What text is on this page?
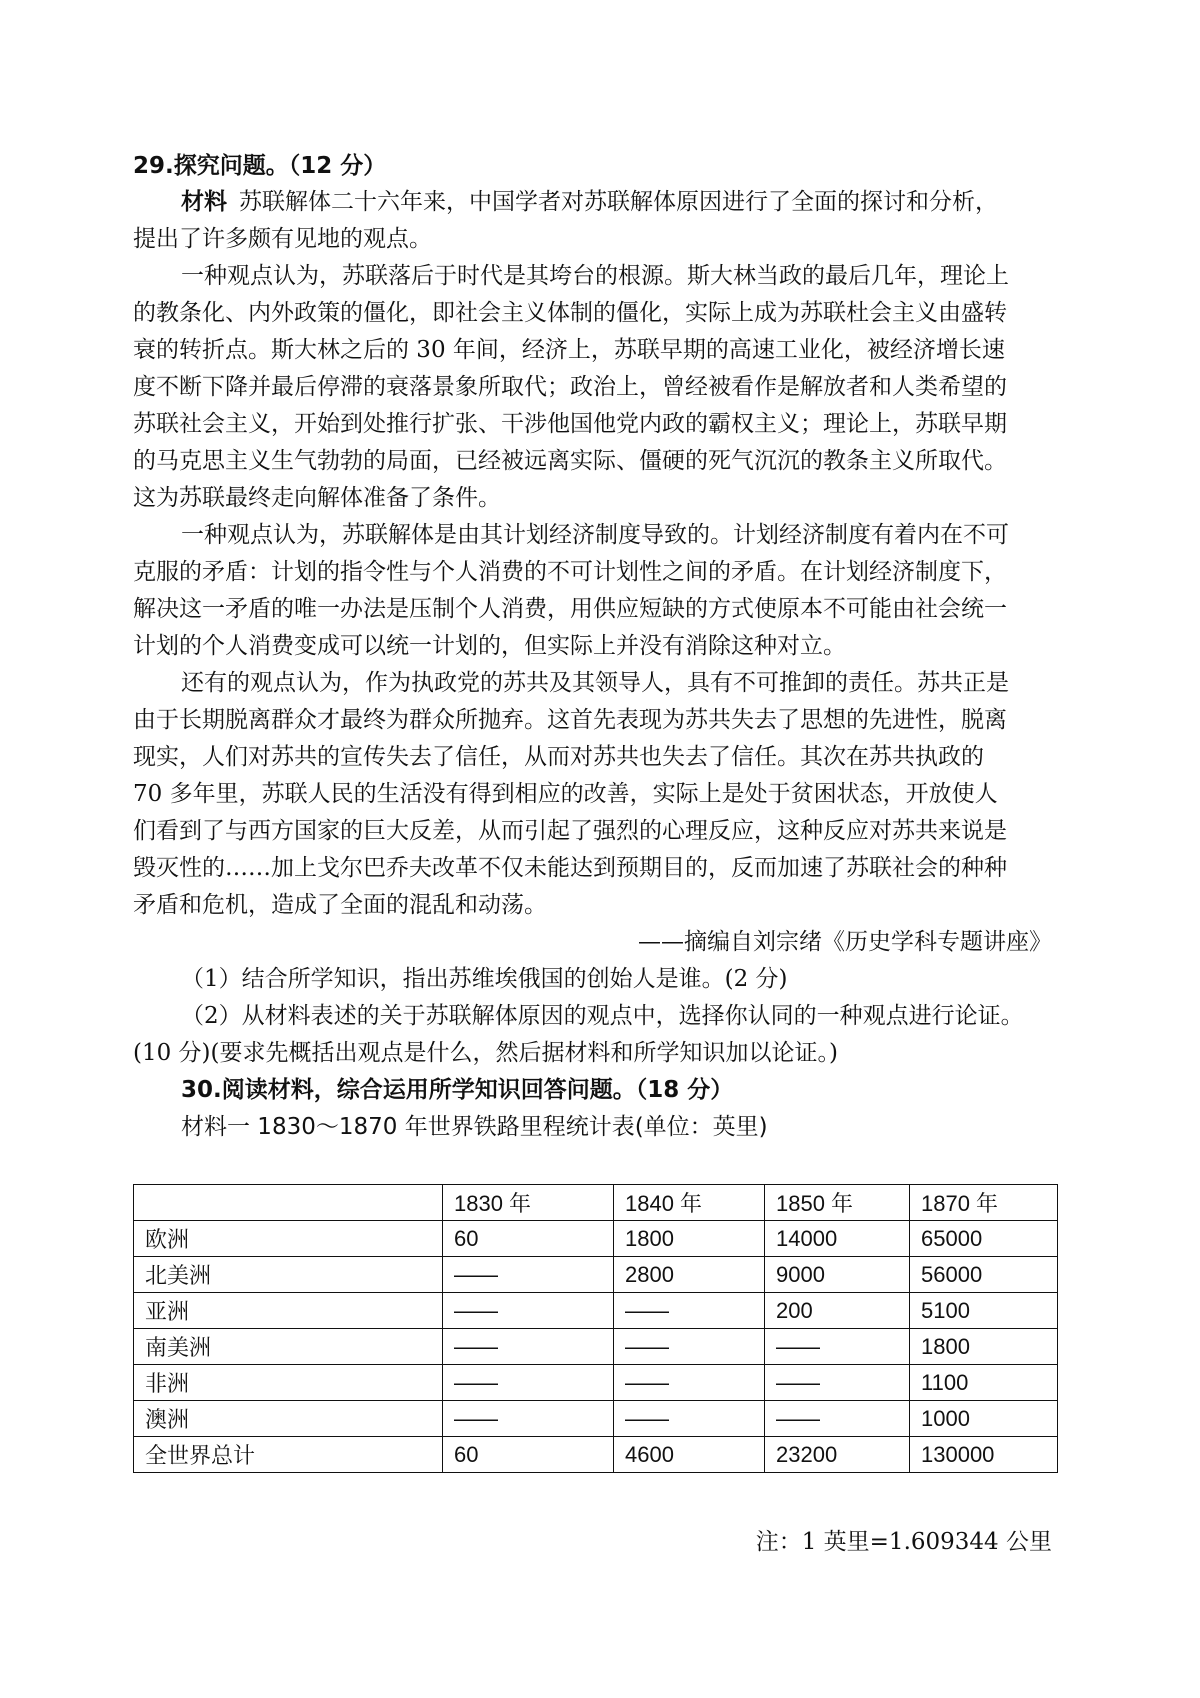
29.探究问题。（12 分）
材料 苏联解体二十六年来，中国学者对苏联解体原因进行了全面的探讨和分析，
提出了许多颇有见地的观点。
一种观点认为，苏联落后于时代是其垮台的根源。斯大林当政的最后几年，理论上
的教条化、内外政策的僵化，即社会主义体制的僵化，实际上成为苏联杜会主义由盛转
衰的转折点。斯大林之后的 30 年间，经济上，苏联早期的高速工业化，被经济增长速
度不断下降并最后停滞的衰落景象所取代；政治上，曾经被看作是解放者和人类希望的
苏联社会主义，开始到处推行扩张、干涉他国他党内政的霸权主义；理论上，苏联早期
的马克思主义生气勃勃的局面，已经被远离实际、僵硬的死气沉沉的教条主义所取代。
这为苏联最终走向解体准备了条件。
一种观点认为，苏联解体是由其计划经济制度导致的。计划经济制度有着内在不可
克服的矛盾：计划的指令性与个人消费的不可计划性之间的矛盾。在计划经济制度下，
解决这一矛盾的唯一办法是压制个人消费，用供应短缺的方式使原本不可能由社会统一
计划的个人消费变成可以统一计划的，但实际上并没有消除这种对立。
还有的观点认为，作为执政党的苏共及其领导人，具有不可推卸的责任。苏共正是
由于长期脱离群众才最终为群众所抛弃。这首先表现为苏共失去了思想的先进性，脱离
现实，人们对苏共的宣传失去了信任，从而对苏共也失去了信任。其次在苏共执政的
70 多年里，苏联人民的生活没有得到相应的改善，实际上是处于贫困状态，开放使人
们看到了与西方国家的巨大反差，从而引起了强烈的心理反应，这种反应对苏共来说是
毁灭性的……加上戈尔巴乔夫改革不仅未能达到预期目的，反而加速了苏联社会的种种
矛盾和危机，造成了全面的混乱和动荡。
——摘编自刘宗绪《历史学科专题讲座》
（1）结合所学知识，指出苏维埃俄国的创始人是谁。(2 分)
（2）从材料表述的关于苏联解体原因的观点中，选择你认同的一种观点进行论证。
(10 分)(要求先概括出观点是什么，然后据材料和所学知识加以论证。)
30.阅读材料，综合运用所学知识回答问题。（18 分）
材料一 1830～1870 年世界铁路里程统计表(单位：英里)
	1830 年	1840 年	1850 年	1870 年
欧洲	60	1800	14000	65000
北美洲	——	2800	9000	56000
亚洲	——	——	200	5100
南美洲	——	——	——	1800
非洲	——	——	——	1100
澳洲	——	——	——	1000
全世界总计	60	4600	23200	130000
注：1 英里=1.609344 公里
